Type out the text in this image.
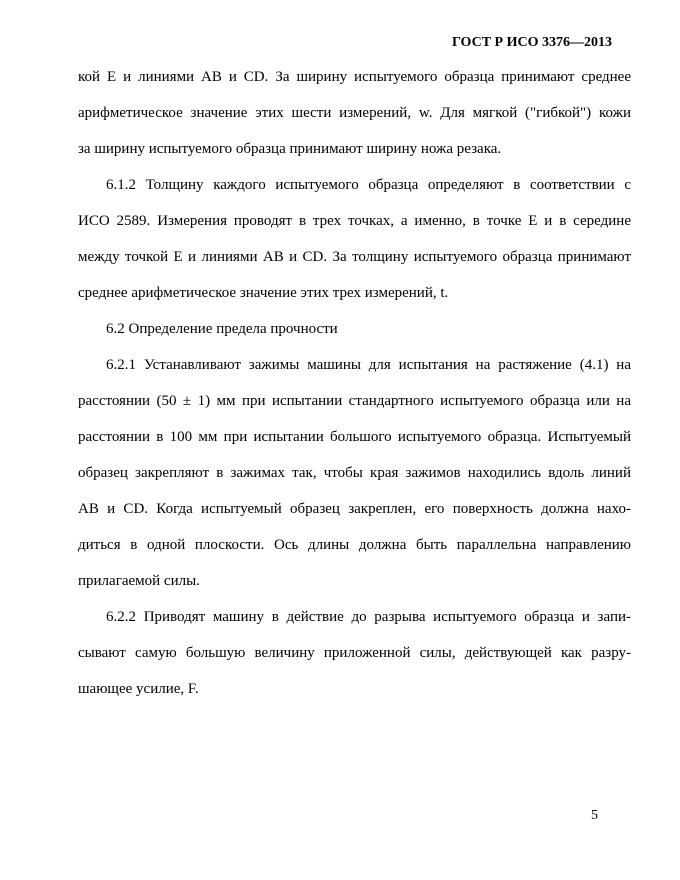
ГОСТ Р ИСО 3376—2013
кой E и линиями AB и CD. За ширину испытуемого образца принимают среднее
арифметическое значение этих шести измерений, w. Для мягкой ("гибкой") кожи
за ширину испытуемого образца принимают ширину ножа резака.
6.1.2 Толщину каждого испытуемого образца определяют в соответствии с
ИСО 2589. Измерения проводят в трех точках, а именно, в точке E и в середине
между точкой E и линиями AB и CD. За толщину испытуемого образца принимают
среднее арифметическое значение этих трех измерений, t.
6.2 Определение предела прочности
6.2.1 Устанавливают зажимы машины для испытания на растяжение (4.1) на
расстоянии (50 ± 1) мм при испытании стандартного испытуемого образца или на
расстоянии в 100 мм при испытании большого испытуемого образца. Испытуемый
образец закрепляют в зажимах так, чтобы края зажимов находились вдоль линий
AB и CD. Когда испытуемый образец закреплен, его поверхность должна нахо-
диться в одной плоскости. Ось длины должна быть параллельна направлению
прилагаемой силы.
6.2.2 Приводят машину в действие до разрыва испытуемого образца и запи-
сывают самую большую величину приложенной силы, действующей как разру-
шающее усилие, F.
5
